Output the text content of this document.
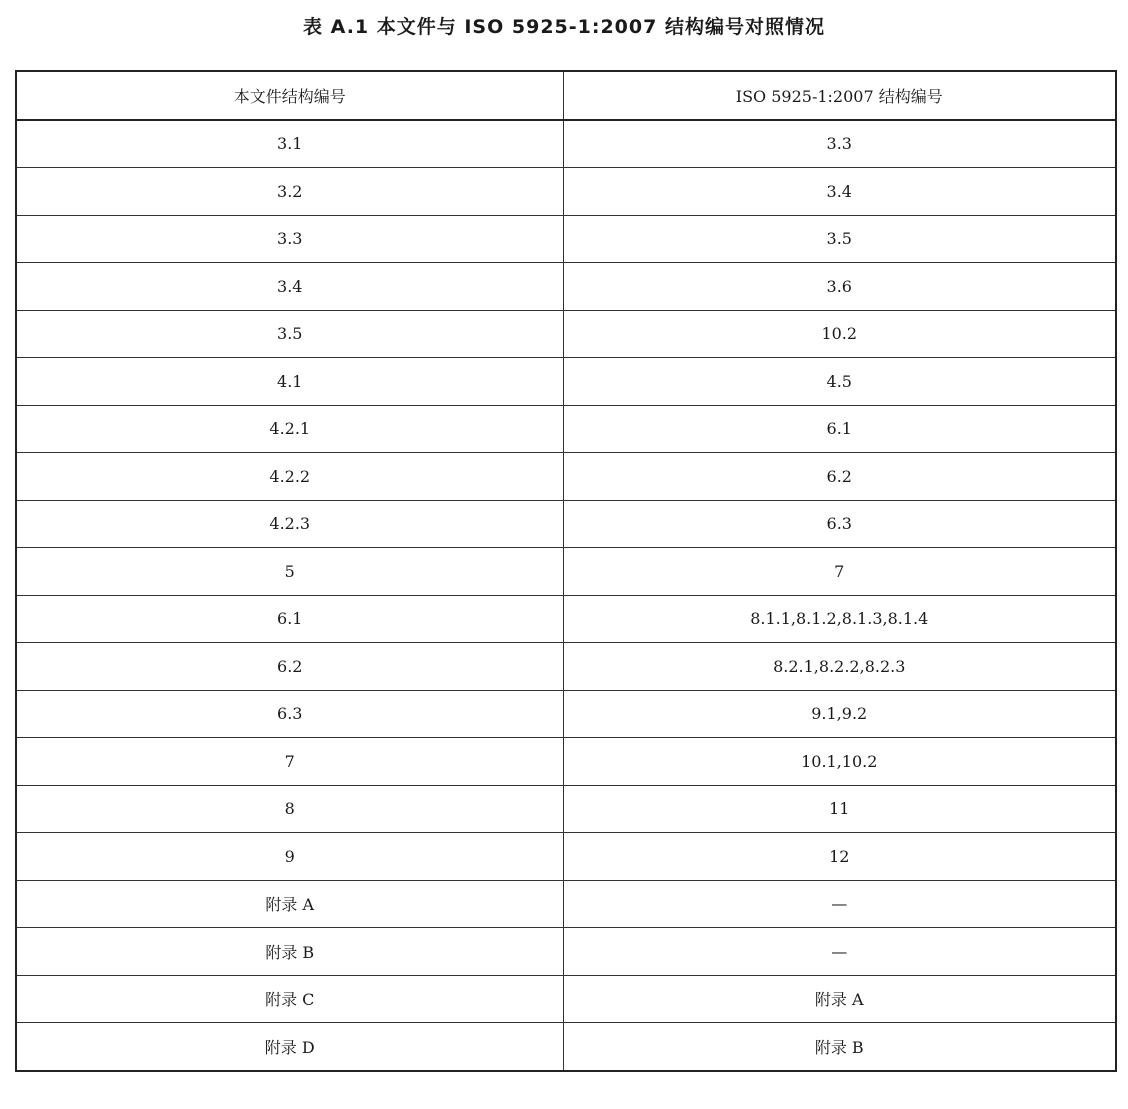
表 A.1 本文件与 ISO 5925-1:2007 结构编号对照情况
本文件结构编号	ISO 5925-1:2007 结构编号
3.1	3.3
3.2	3.4
3.3	3.5
3.4	3.6
3.5	10.2
4.1	4.5
4.2.1	6.1
4.2.2	6.2
4.2.3	6.3
5	7
6.1	8.1.1,8.1.2,8.1.3,8.1.4
6.2	8.2.1,8.2.2,8.2.3
6.3	9.1,9.2
7	10.1,10.2
8	11
9	12
附录 A	—
附录 B	—
附录 C	附录 A
附录 D	附录 B
